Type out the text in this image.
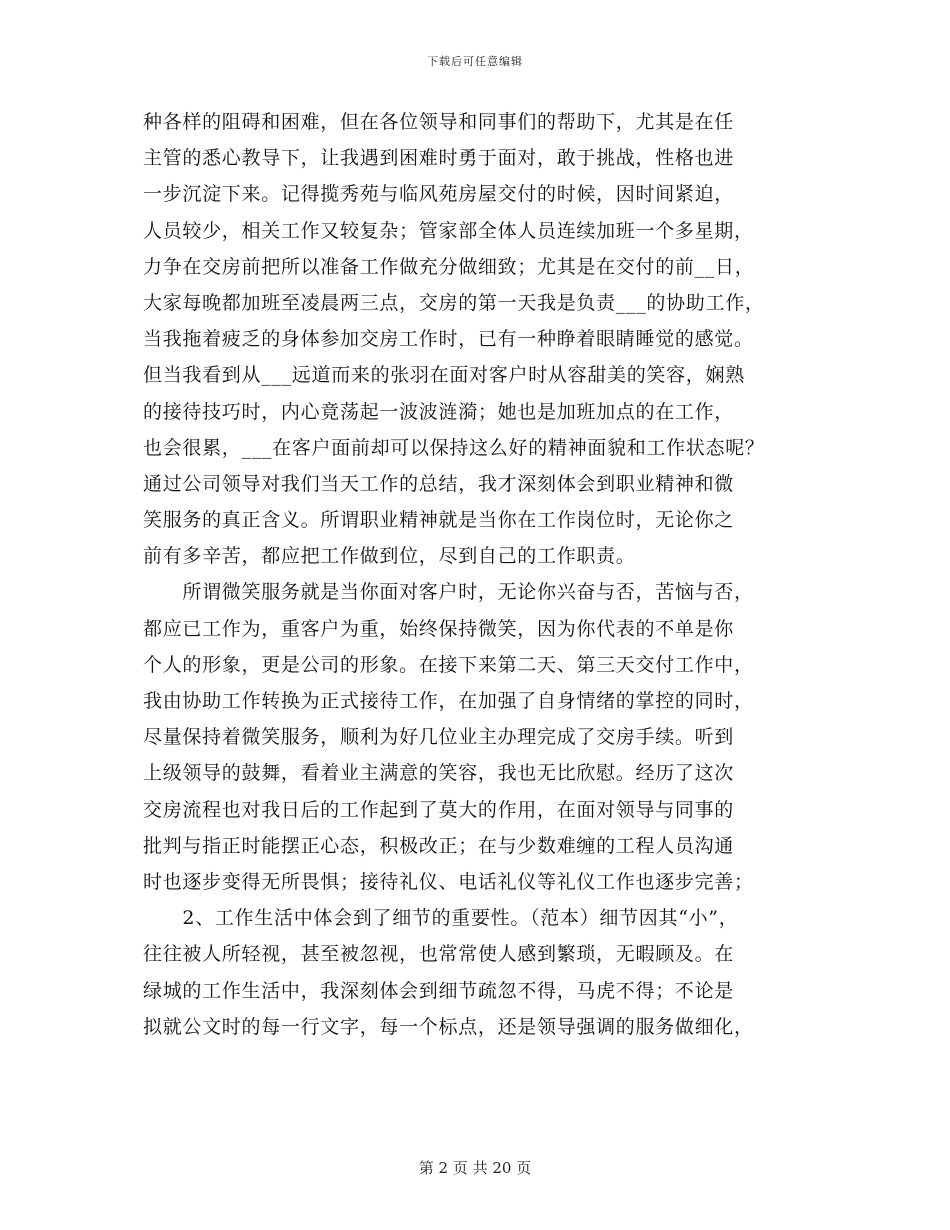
下载后可任意编辑
种各样的阻碍和困难，但在各位领导和同事们的帮助下，尤其是在任
主管的悉心教导下，让我遇到困难时勇于面对，敢于挑战，性格也进
一步沉淀下来。记得揽秀苑与临风苑房屋交付的时候，因时间紧迫，
人员较少，相关工作又较复杂；管家部全体人员连续加班一个多星期，
力争在交房前把所以准备工作做充分做细致；尤其是在交付的前__日，
大家每晚都加班至凌晨两三点，交房的第一天我是负责___的协助工作，
当我拖着疲乏的身体参加交房工作时，已有一种睁着眼睛睡觉的感觉。
但当我看到从___远道而来的张羽在面对客户时从容甜美的笑容，娴熟
的接待技巧时，内心竟荡起一波波涟漪；她也是加班加点的在工作，
也会很累，___在客户面前却可以保持这么好的精神面貌和工作状态呢？
通过公司领导对我们当天工作的总结，我才深刻体会到职业精神和微
笑服务的真正含义。所谓职业精神就是当你在工作岗位时，无论你之
前有多辛苦，都应把工作做到位，尽到自己的工作职责。
　　所谓微笑服务就是当你面对客户时，无论你兴奋与否，苦恼与否，
都应已工作为，重客户为重，始终保持微笑，因为你代表的不单是你
个人的形象，更是公司的形象。在接下来第二天、第三天交付工作中，
我由协助工作转换为正式接待工作，在加强了自身情绪的掌控的同时，
尽量保持着微笑服务，顺利为好几位业主办理完成了交房手续。听到
上级领导的鼓舞，看着业主满意的笑容，我也无比欣慰。经历了这次
交房流程也对我日后的工作起到了莫大的作用，在面对领导与同事的
批判与指正时能摆正心态，积极改正；在与少数难缠的工程人员沟通
时也逐步变得无所畏惧；接待礼仪、电话礼仪等礼仪工作也逐步完善；
　　2、工作生活中体会到了细节的重要性。（范本）细节因其“小”，
往往被人所轻视，甚至被忽视，也常常使人感到繁琐，无暇顾及。在
绿城的工作生活中，我深刻体会到细节疏忽不得，马虎不得；不论是
拟就公文时的每一行文字，每一个标点，还是领导强调的服务做细化，
第 2 页 共 20 页
